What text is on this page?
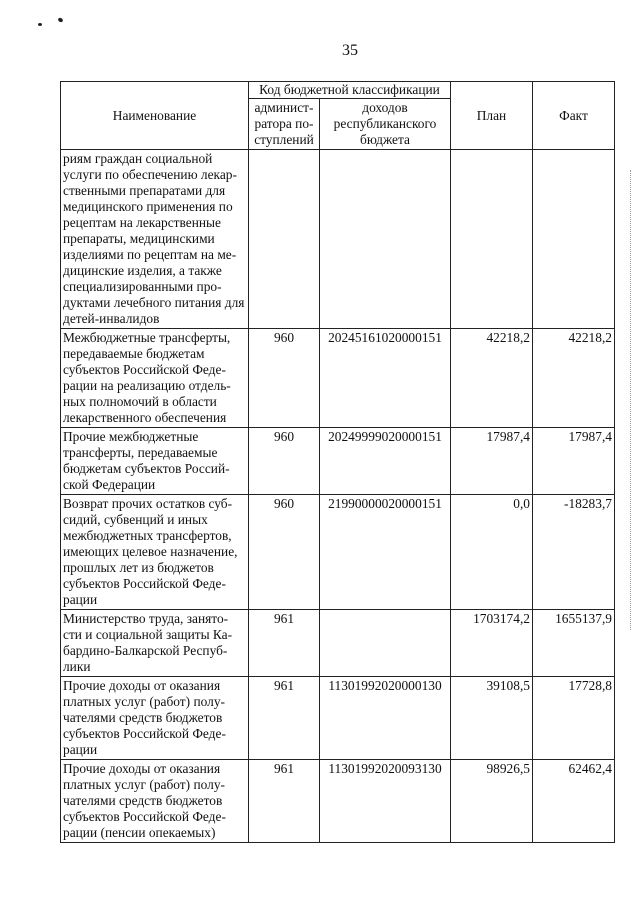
35
Наименование	Код бюджетной классификации		План	Факт
	админист-ратора по-ступлений	доходов республиканского бюджета		
риям граждан социальной услуги по обеспечению лекар-ственными препаратами для медицинского применения по рецептам на лекарственные препараты, медицинскими изделиями по рецептам на ме-дицинские изделия, а также специализированными про-дуктами лечебного питания для детей-инвалидов				
Межбюджетные трансферты, передаваемые бюджетам субъектов Российской Феде-рации на реализацию отдель-ных полномочий в области лекарственного обеспечения	960	20245161020000151	42218,2	42218,2
Прочие межбюджетные трансферты, передаваемые бюджетам субъектов Россий-ской Федерации	960	20249999020000151	17987,4	17987,4
Возврат прочих остатков суб-сидий, субвенций и иных межбюджетных трансфертов, имеющих целевое назначение, прошлых лет из бюджетов субъектов Российской Феде-рации	960	21990000020000151	0,0	-18283,7
Министерство труда, занято-сти и социальной защиты Ка-бардино-Балкарской Респуб-лики	961		1703174,2	1655137,9
Прочие доходы от оказания платных услуг (работ) полу-чателями средств бюджетов субъектов Российской Феде-рации	961	11301992020000130	39108,5	17728,8
Прочие доходы от оказания платных услуг (работ) полу-чателями средств бюджетов субъектов Российской Феде-рации (пенсии опекаемых)	961	11301992020093130	98926,5	62462,4
